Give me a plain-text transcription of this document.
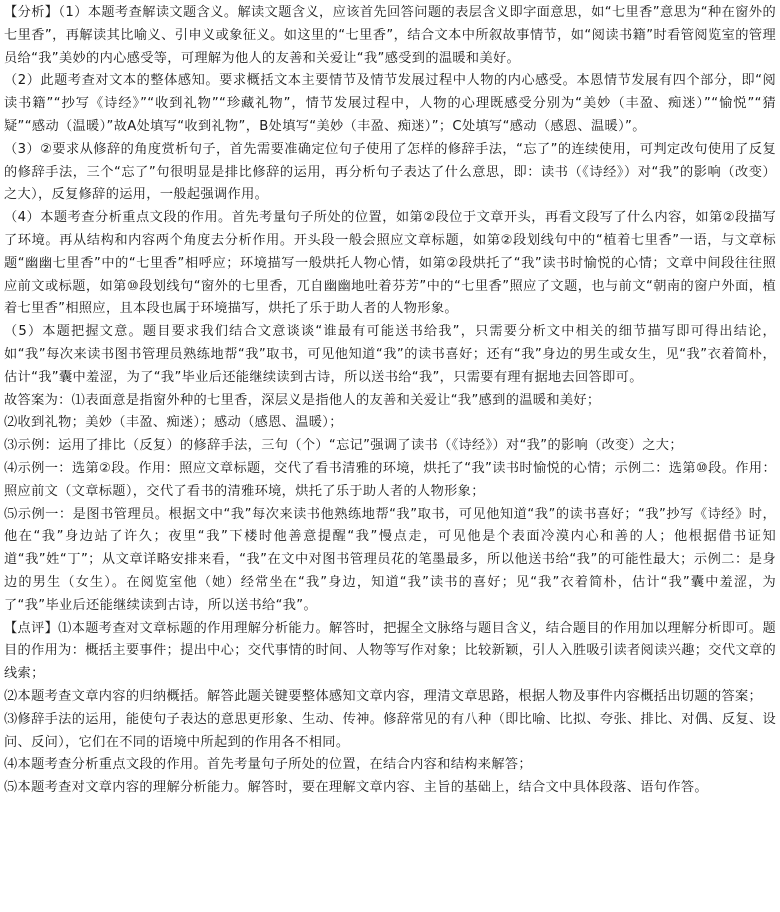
【分析】（1）本题考查解读文题含义。解读文题含义，应该首先回答问题的表层含义即字面意思，如“七里香”意思为“种在窗外的七里香”，再解读其比喻义、引申义或象征义。如这里的“七里香”，结合文本中所叙故事情节，如“阅读书籍”时看管阅览室的管理员给“我”美妙的内心感受等，可理解为他人的友善和关爱让“我”感受到的温暖和美好。

（2）此题考查对文本的整体感知。要求概括文本主要情节及情节发展过程中人物的内心感受。本恩情节发展有四个部分，即“阅读书籍”“抄写《诗经》”“收到礼物”“珍藏礼物”，情节发展过程中，人物的心理既感受分别为“美妙（丰盈、痴迷）”“愉悦”“猜疑”“感动（温暖）”故A处填写“收到礼物”，B处填写“美妙（丰盈、痴迷）”；C处填写“感动（感恩、温暖）”。

（3）②要求从修辞的角度赏析句子，首先需要准确定位句子使用了怎样的修辞手法，“忘了”的连续使用，可判定改句使用了反复的修辞手法，三个“忘了”句很明显是排比修辞的运用，再分析句子表达了什么意思，即：读书（《诗经》）对“我”的影响（改变）之大），反复修辞的运用，一般起强调作用。

（4）本题考查分析重点文段的作用。首先考量句子所处的位置，如第②段位于文章开头，再看文段写了什么内容，如第②段描写了环境。再从结构和内容两个角度去分析作用。开头段一般会照应文章标题，如第②段划线句中的“植着七里香”一语，与文章标题“幽幽七里香”中的“七里香”相呼应；环境描写一般烘托人物心情，如第②段烘托了“我”读书时愉悦的心情；文章中间段往往照应前文或标题，如第⑩段划线句“窗外的七里香，兀自幽幽地吐着芬芳”中的“七里香”照应了文题，也与前文“朝南的窗户外面，植着七里香”相照应，且本段也属于环境描写，烘托了乐于助人者的人物形象。

（5）本题把握文意。题目要求我们结合文意谈谈“谁最有可能送书给我”，只需要分析文中相关的细节描写即可得出结论，如“我”每次来读书图书管理员熟练地帮“我”取书，可见他知道“我”的读书喜好；还有“我”身边的男生或女生，见“我”衣着简朴，估计“我”囊中羞涩，为了“我”毕业后还能继续读到古诗，所以送书给“我”，只需要有理有据地去回答即可。

故答案为：⑴表面意是指窗外种的七里香，深层义是指他人的友善和关爱让“我”感到的温暖和美好；

⑵收到礼物；美妙（丰盈、痴迷）；感动（感恩、温暖）；

⑶示例：运用了排比（反复）的修辞手法，三句（个）“忘记”强调了读书（《诗经》）对“我”的影响（改变）之大；

⑷示例一：选第②段。作用：照应文章标题，交代了看书清雅的环境，烘托了“我”读书时愉悦的心情；示例二：选第⑩段。作用：照应前文（文章标题），交代了看书的清雅环境，烘托了乐于助人者的人物形象；

⑸示例一：是图书管理员。根据文中“我”每次来读书他熟练地帮“我”取书，可见他知道“我”的读书喜好；“我”抄写《诗经》时，他在“我”身边站了许久；夜里“我”下楼时他善意提醒“我”慢点走，可见他是个表面冷漠内心和善的人；他根据借书证知道“我”姓“丁”；从文章详略安排来看，“我”在文中对图书管理员花的笔墨最多，所以他送书给“我”的可能性最大；示例二：是身边的男生（女生）。在阅览室他（她）经常坐在“我”身边，知道“我”读书的喜好；见“我”衣着简朴，估计“我”囊中羞涩，为了“我”毕业后还能继续读到古诗，所以送书给“我”。

【点评】⑴本题考查对文章标题的作用理解分析能力。解答时，把握全文脉络与题目含义，结合题目的作用加以理解分析即可。题目的作用为：概括主要事件；提出中心；交代事情的时间、人物等写作对象；比较新颖，引人入胜吸引读者阅读兴趣；交代文章的线索；

⑵本题考查文章内容的归纳概括。解答此题关键要整体感知文章内容，理清文章思路，根据人物及事件内容概括出切题的答案；

⑶修辞手法的运用，能使句子表达的意思更形象、生动、传神。修辞常见的有八种（即比喻、比拟、夸张、排比、对偶、反复、设问、反问），它们在不同的语境中所起到的作用各不相同。

⑷本题考查分析重点文段的作用。首先考量句子所处的位置，在结合内容和结构来解答；

⑸本题考查对文章内容的理解分析能力。解答时，要在理解文章内容、主旨的基础上，结合文中具体段落、语句作答。
